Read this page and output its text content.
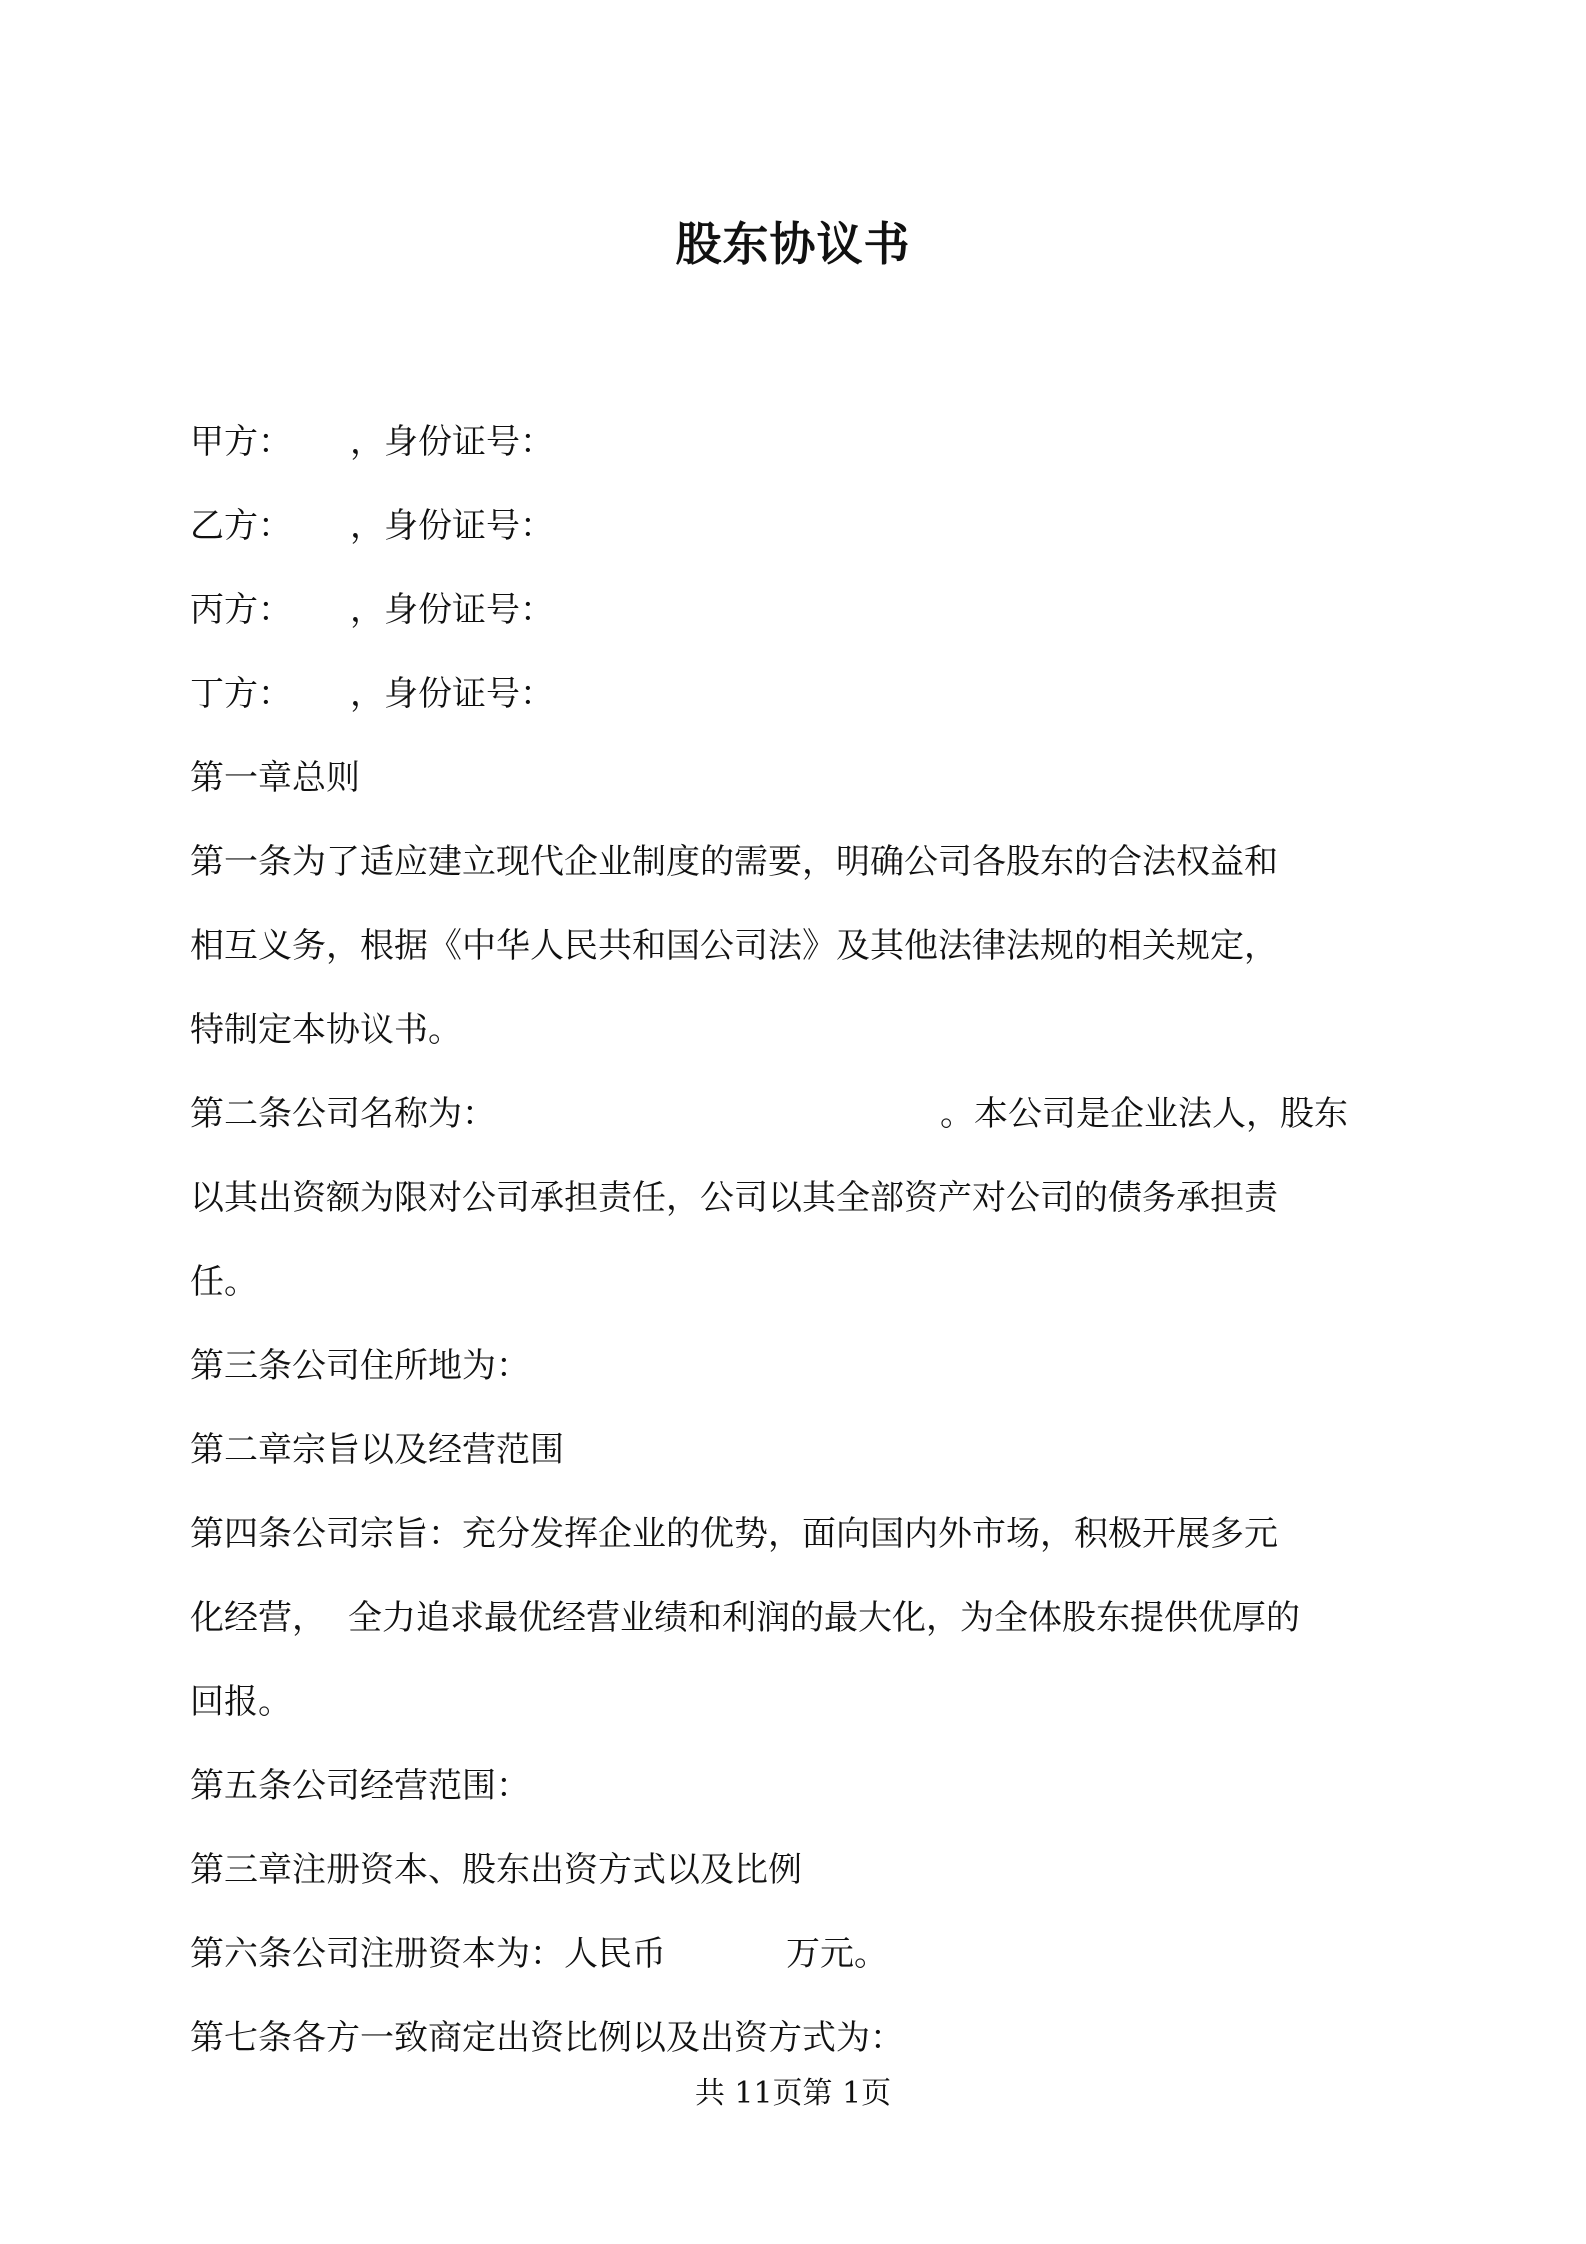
股东协议书
甲方： ，身份证号：
乙方： ，身份证号：
丙方： ，身份证号：
丁方： ，身份证号：
第一章总则
第一条为了适应建立现代企业制度的需要，明确公司各股东的合法权益和
相互义务，根据《中华人民共和国公司法》及其他法律法规的相关规定，
特制定本协议书。
第二条公司名称为：	。本公司是企业法人，股东
以其出资额为限对公司承担责任，公司以其全部资产对公司的债务承担责
任。
第三条公司住所地为：
第二章宗旨以及经营范围
第四条公司宗旨：充分发挥企业的优势，面向国内外市场，积极开展多元
化经营， 全力追求最优经营业绩和利润的最大化，为全体股东提供优厚的
回报。
第五条公司经营范围：
第三章注册资本、股东出资方式以及比例
第六条公司注册资本为：人民币	万元。
第七条各方一致商定出资比例以及出资方式为：
共 11页第 1页
